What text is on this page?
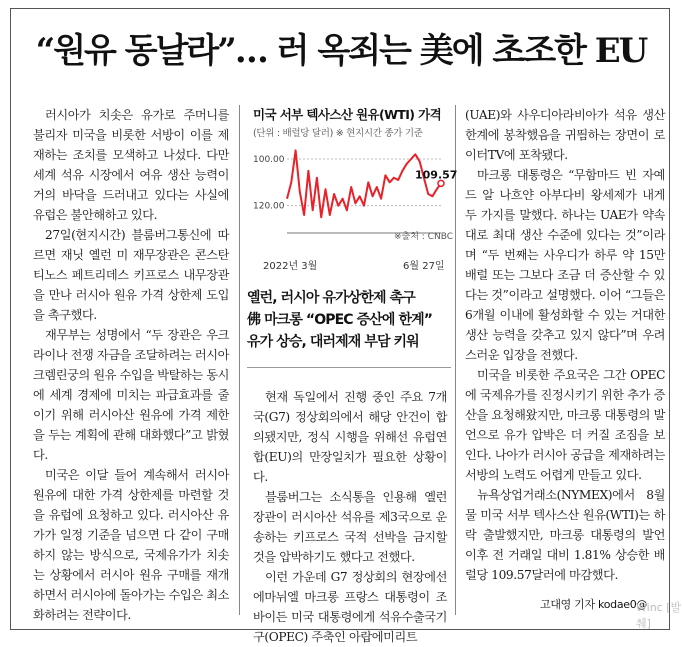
“원유 동날라”… 러 옥죄는 美에 초조한 EU

러시아가 치솟은 유가로 주머니를 불리자 미국을 비롯한 서방이 이를 제재하는 조치를 모색하고 나섰다. 다만 세계 석유 시장에서 여유 생산 능력이 거의 바닥을 드러내고 있다는 사실에 유럽은 불안해하고 있다.

27일(현지시간) 블룸버그통신에 따르면 재닛 옐런 미 재무장관은 콘스탄티노스 페트리데스 키프로스 내무장관을 만나 러시아 원유 가격 상한제 도입을 촉구했다.

재무부는 성명에서 “두 장관은 우크라이나 전쟁 자금을 조달하려는 러시아 크렘린궁의 원유 수입을 박탈하는 동시에 세계 경제에 미치는 파급효과를 줄이기 위해 러시아산 원유에 가격 제한을 두는 계획에 관해 대화했다”고 밝혔다.

미국은 이달 들어 계속해서 러시아 원유에 대한 가격 상한제를 마련할 것을 유럽에 요청하고 있다. 러시아산 유가가 일정 기준을 넘으면 다 같이 구매하지 않는 방식으로, 국제유가가 치솟는 상황에서 러시아 원유 구매를 재개하면서 러시아에 돌아가는 수입은 최소화하려는 전략이다.

미국 서부 텍사스산 원유(WTI) 가격
(단위 : 배럴당 달러) ※ 현지시간 종가 기준
120.00
100.00
109.57
※출처 : CNBC
2022년 3월	6월 27일
옐런, 러시아 유가상한제 촉구
佛 마크롱 “OPEC 증산에 한계”
유가 상승, 대러제재 부담 키워

현재 독일에서 진행 중인 주요 7개국(G7) 정상회의에서 해당 안건이 합의됐지만, 정식 시행을 위해선 유럽연합(EU)의 만장일치가 필요한 상황이다.

블룸버그는 소식통을 인용해 옐런 장관이 러시아산 석유를 제3국으로 운송하는 키프로스 국적 선박을 금지할 것을 압박하기도 했다고 전했다.

이런 가운데 G7 정상회의 현장에선 에마뉘엘 마크롱 프랑스 대통령이 조 바이든 미국 대통령에게 석유수출국기구(OPEC) 주축인 아랍에미리트

(UAE)와 사우디아라비아가 석유 생산 한계에 봉착했음을 귀띔하는 장면이 로이터TV에 포착됐다.

마크롱 대통령은 “무함마드 빈 자예드 알 나흐얀 아부다비 왕세제가 내게 두 가지를 말했다. 하나는 UAE가 약속대로 최대 생산 수준에 있다는 것”이라며 “두 번째는 사우디가 하루 약 15만 배럴 또는 그보다 조금 더 증산할 수 있다는 것”이라고 설명했다. 이어 “그들은 6개월 이내에 활성화할 수 있는 거대한 생산 능력을 갖추고 있지 않다”며 우려스러운 입장을 전했다.

미국을 비롯한 주요국은 그간 OPEC에 국제유가를 진정시키기 위한 추가 증산을 요청해왔지만, 마크롱 대통령의 발언으로 유가 압박은 더 커질 조짐을 보인다. 나아가 러시아 공급을 제재하려는 서방의 노력도 어렵게 만들고 있다.

뉴욕상업거래소(NYMEX)에서 8월물 미국 서부 텍사스산 원유(WTI)는 하락 출발했지만, 마크롱 대통령의 발언 이후 전 거래일 대비 1.81% 상승한 배럴당 109.57달러에 마감했다.

고대영 기자 kodae0@
Winc [발췌]
